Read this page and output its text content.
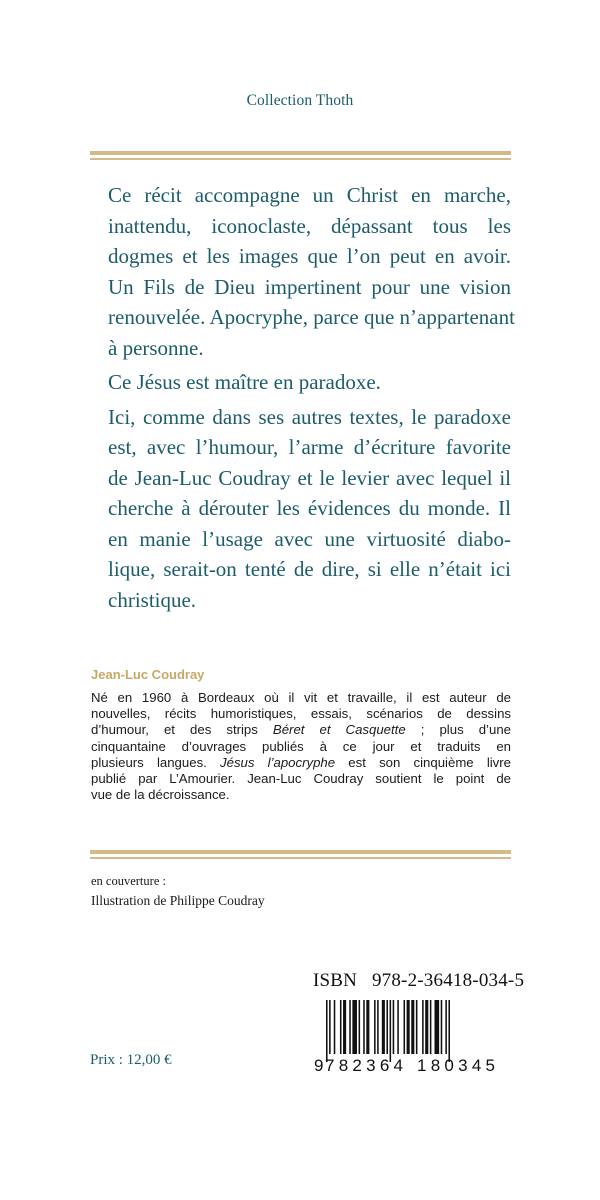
Collection Thoth

Ce récit accompagne un Christ en marche,
inattendu, iconoclaste, dépassant tous les
dogmes et les images que l’on peut en avoir.
Un Fils de Dieu impertinent pour une vision
renouvelée. Apocryphe, parce que n’appartenant
à personne.

Ce Jésus est maître en paradoxe.

Ici, comme dans ses autres textes, le paradoxe
est, avec l’humour, l’arme d’écriture favorite
de Jean-Luc Coudray et le levier avec lequel il
cherche à dérouter les évidences du monde. Il
en manie l’usage avec une virtuosité diabo-
lique, serait-on tenté de dire, si elle n’était ici
christique.

Jean-Luc Coudray
Né en 1960 à Bordeaux où il vit et travaille, il est auteur de
nouvelles, récits humoristiques, essais, scénarios de dessins
d’humour, et des strips Béret et Casquette ; plus d’une
cinquantaine d’ouvrages publiés à ce jour et traduits en
plusieurs langues. Jésus l’apocryphe est son cinquième livre
publié par L’Amourier. Jean-Luc Coudray soutient le point de
vue de la décroissance.
en couverture :
Illustration de Philippe Coudray
ISBN   978-2-36418-034-5
9 782364 180345
Prix : 12,00 €
